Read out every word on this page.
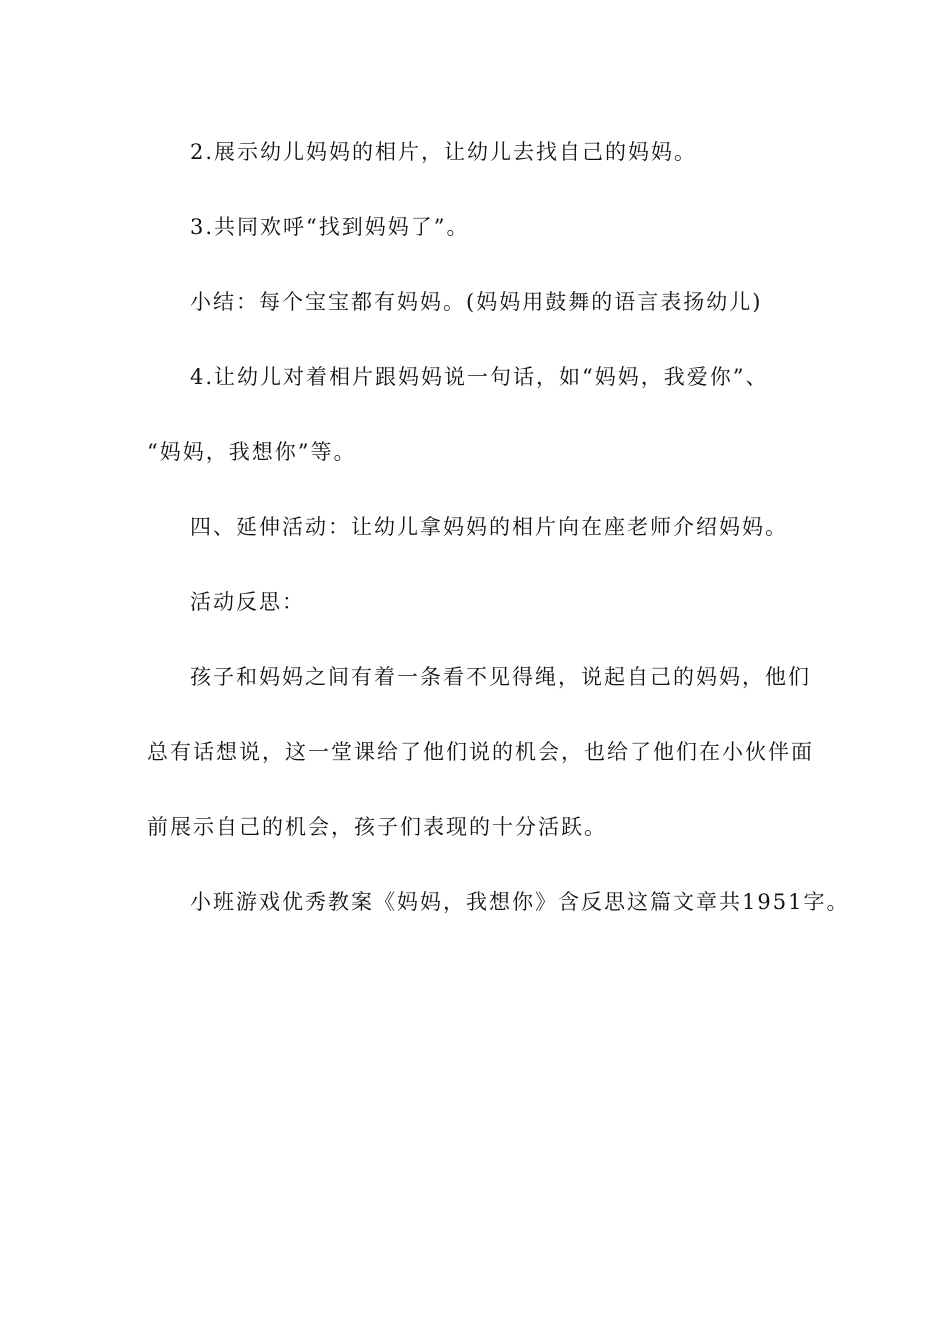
2.展示幼儿妈妈的相片，让幼儿去找自己的妈妈。
3.共同欢呼“找到妈妈了”。
小结：每个宝宝都有妈妈。(妈妈用鼓舞的语言表扬幼儿)
4.让幼儿对着相片跟妈妈说一句话，如“妈妈，我爱你”、
“妈妈，我想你”等。
四、延伸活动：让幼儿拿妈妈的相片向在座老师介绍妈妈。
活动反思：
孩子和妈妈之间有着一条看不见得绳，说起自己的妈妈，他们
总有话想说，这一堂课给了他们说的机会，也给了他们在小伙伴面
前展示自己的机会，孩子们表现的十分活跃。
小班游戏优秀教案《妈妈，我想你》含反思这篇文章共1951字。
